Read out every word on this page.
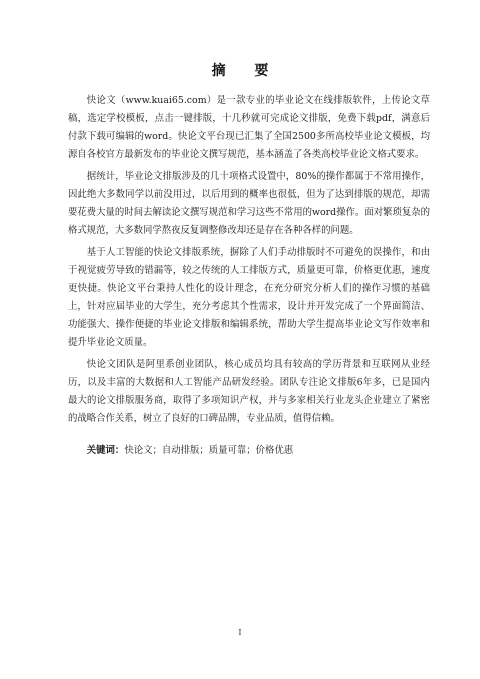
摘 要

快论文（www.kuai65.com）是一款专业的毕业论文在线排版软件，上传论文草稿，选定学校模板，点击一键排版，十几秒就可完成论文排版，免费下载pdf，满意后付款下载可编辑的word。快论文平台现已汇集了全国2500多所高校毕业论文模板，均源自各校官方最新发布的毕业论文撰写规范，基本涵盖了各类高校毕业论文格式要求。

据统计，毕业论文排版涉及的几十项格式设置中，80%的操作都属于不常用操作，因此绝大多数同学以前没用过，以后用到的概率也很低，但为了达到排版的规范，却需要花费大量的时间去解读论文撰写规范和学习这些不常用的word操作。面对繁琐复杂的格式规范，大多数同学熬夜反复调整修改却还是存在各种各样的问题。

基于人工智能的快论文排版系统，摒除了人们手动排版时不可避免的误操作，和由于视觉疲劳导致的错漏等，较之传统的人工排版方式，质量更可靠，价格更优惠，速度更快捷。快论文平台秉持人性化的设计理念，在充分研究分析人们的操作习惯的基础上，针对应届毕业的大学生，充分考虑其个性需求，设计并开发完成了一个界面简洁、功能强大、操作便捷的毕业论文排版和编辑系统，帮助大学生提高毕业论文写作效率和提升毕业论文质量。

快论文团队是阿里系创业团队，核心成员均具有较高的学历背景和互联网从业经历，以及丰富的大数据和人工智能产品研发经验。团队专注论文排版6年多，已是国内最大的论文排版服务商，取得了多项知识产权，并与多家相关行业龙头企业建立了紧密的战略合作关系，树立了良好的口碑品牌，专业品质，值得信赖。

关键词：快论文；自动排版；质量可靠；价格优惠
I
